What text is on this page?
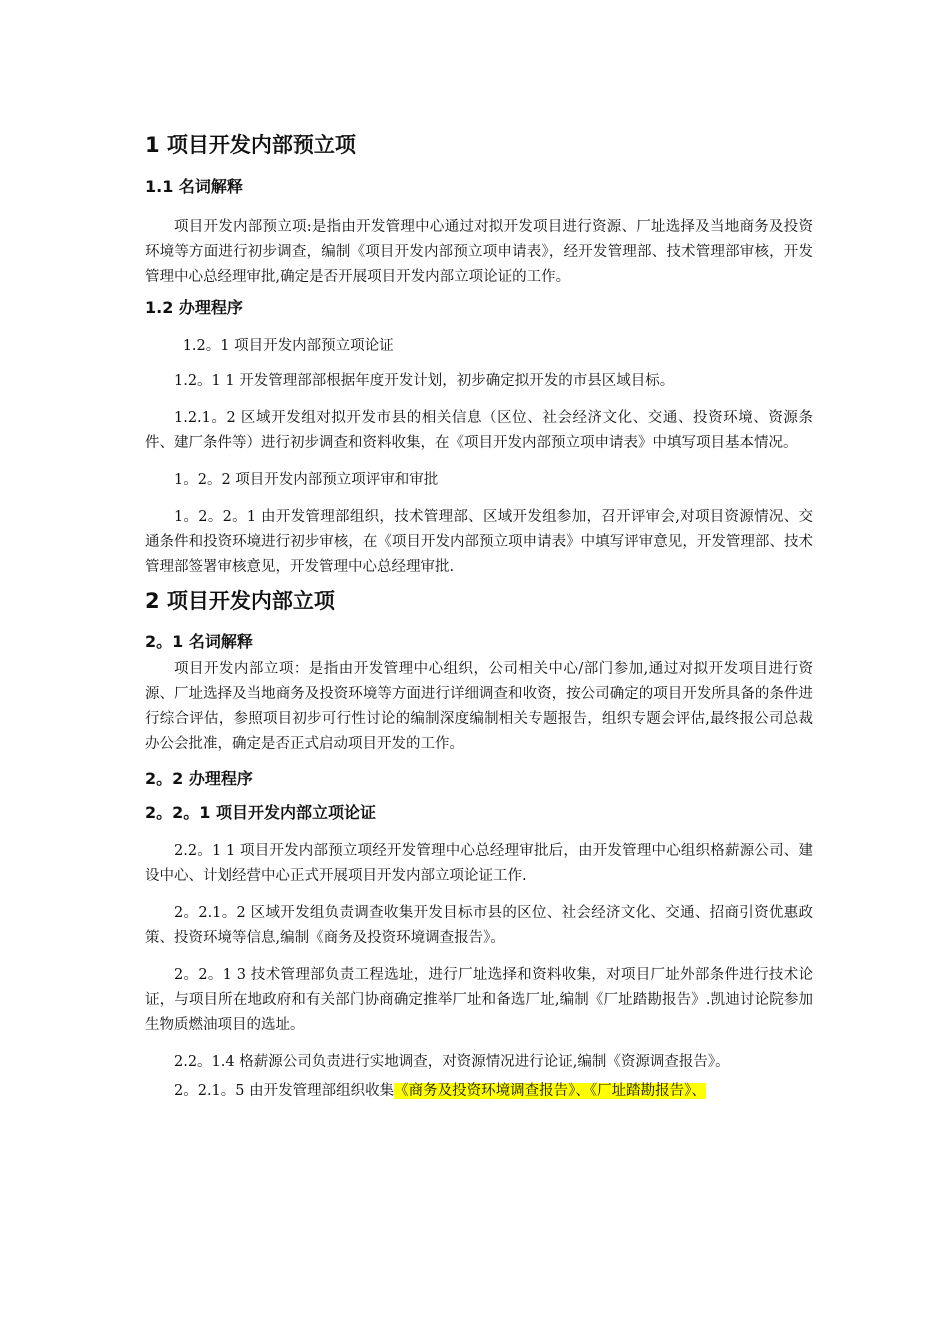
1 项目开发内部预立项
1.1 名词解释

项目开发内部预立项:是指由开发管理中心通过对拟开发项目进行资源、厂址选择及当地商务及投资环境等方面进行初步调查，编制《项目开发内部预立项申请表》，经开发管理部、技术管理部审核，开发管理中心总经理审批,确定是否开展项目开发内部立项论证的工作。

1.2 办理程序

1.2。1 项目开发内部预立项论证

1.2。1 1 开发管理部部根据年度开发计划，初步确定拟开发的市县区域目标。

1.2.1。2 区域开发组对拟开发市县的相关信息（区位、社会经济文化、交通、投资环境、资源条件、建厂条件等）进行初步调查和资料收集，在《项目开发内部预立项申请表》中填写项目基本情况。

1。2。2 项目开发内部预立项评审和审批

1。2。2。1 由开发管理部组织，技术管理部、区域开发组参加，召开评审会,对项目资源情况、交通条件和投资环境进行初步审核，在《项目开发内部预立项申请表》中填写评审意见，开发管理部、技术管理部签署审核意见，开发管理中心总经理审批.

2 项目开发内部立项
2。1 名词解释

项目开发内部立项：是指由开发管理中心组织，公司相关中心/部门参加,通过对拟开发项目进行资源、厂址选择及当地商务及投资环境等方面进行详细调查和收资，按公司确定的项目开发所具备的条件进行综合评估，参照项目初步可行性讨论的编制深度编制相关专题报告，组织专题会评估,最终报公司总裁办公会批准，确定是否正式启动项目开发的工作。

2。2 办理程序
2。2。1 项目开发内部立项论证

2.2。1 1 项目开发内部预立项经开发管理中心总经理审批后，由开发管理中心组织格薪源公司、建设中心、计划经营中心正式开展项目开发内部立项论证工作.

2。2.1。2 区域开发组负责调查收集开发目标市县的区位、社会经济文化、交通、招商引资优惠政策、投资环境等信息,编制《商务及投资环境调查报告》。

2。2。1 3 技术管理部负责工程选址，进行厂址选择和资料收集，对项目厂址外部条件进行技术论证，与项目所在地政府和有关部门协商确定推举厂址和备选厂址,编制《厂址踏勘报告》.凯迪讨论院参加生物质燃油项目的选址。

2.2。1.4 格薪源公司负责进行实地调查，对资源情况进行论证,编制《资源调查报告》。

2。2.1。5 由开发管理部组织收集《商务及投资环境调查报告》、《厂址踏勘报告》、
